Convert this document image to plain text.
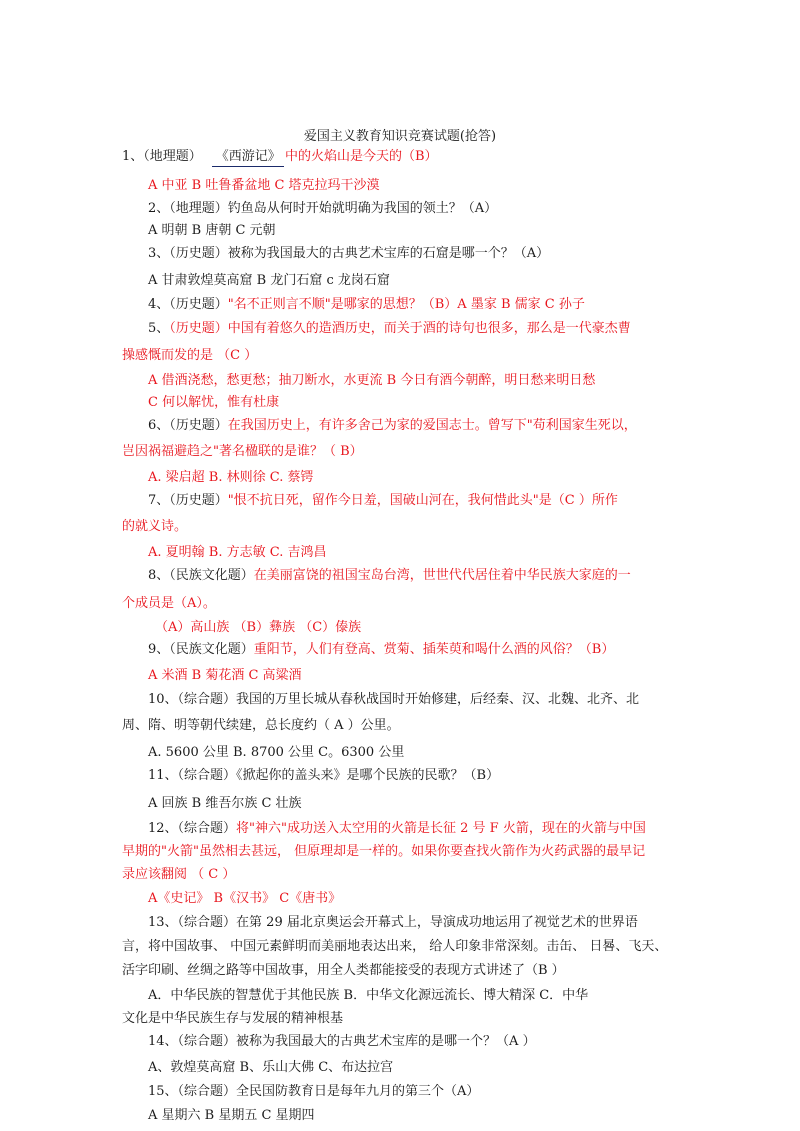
爱国主义教育知识竞赛试题(抢答)
1、（地理题） 《西游记》 中的火焰山是今天的（B）
A 中亚 B 吐鲁番盆地 C 塔克拉玛干沙漠
2、（地理题）钓鱼岛从何时开始就明确为我国的领土？（A）
A 明朝 B 唐朝 C 元朝
3、（历史题）被称为我国最大的古典艺术宝库的石窟是哪一个？（A）
A 甘肃敦煌莫高窟 B 龙门石窟 c 龙岗石窟
4、（历史题）"名不正则言不顺"是哪家的思想？（B）A 墨家 B 儒家 C 孙子
5、（历史题）中国有着悠久的造酒历史，而关于酒的诗句也很多，那么是一代豪杰曹
操感慨而发的是 （C ）
A 借酒浇愁，愁更愁；抽刀断水，水更流 B 今日有酒今朝醉，明日愁来明日愁
C 何以解忧，惟有杜康
6、（历史题）在我国历史上，有许多舍己为家的爱国志士。曾写下"苟利国家生死以，
岂因祸福避趋之"著名楹联的是谁？（ B）
A. 梁启超 B. 林则徐 C. 蔡锷
7、（历史题）"恨不抗日死，留作今日羞，国破山河在，我何惜此头"是（C ）所作
的就义诗。
A. 夏明翰 B. 方志敏 C. 吉鸿昌
8、（民族文化题）在美丽富饶的祖国宝岛台湾，世世代代居住着中华民族大家庭的一
个成员是（A）。
（A）高山族 （B）彝族 （C）傣族
9、（民族文化题）重阳节，人们有登高、赏菊、插茱萸和喝什么酒的风俗？（B）
A 米酒 B 菊花酒 C 高粱酒
10、（综合题）我国的万里长城从春秋战国时开始修建，后经秦、汉、北魏、北齐、北
周、隋、明等朝代续建，总长度约（ A ）公里。
A. 5600 公里 B. 8700 公里 C。6300 公里
11、（综合题）《掀起你的盖头来》是哪个民族的民歌？（B）
A 回族 B 维吾尔族 C 壮族
12、（综合题）将"神六"成功送入太空用的火箭是长征 2 号 F 火箭，现在的火箭与中国
早期的"火箭"虽然相去甚远， 但原理却是一样的。如果你要查找火箭作为火药武器的最早记
录应该翻阅 （ C ）
A《史记》 B《汉书》 C《唐书》
13、（综合题）在第 29 届北京奥运会开幕式上，导演成功地运用了视觉艺术的世界语
言，将中国故事、 中国元素鲜明而美丽地表达出来， 给人印象非常深刻。击缶、 日晷、飞天、
活字印刷、丝绸之路等中国故事，用全人类都能接受的表现方式讲述了（B ）
A．中华民族的智慧优于其他民族 B．中华文化源远流长、博大精深 C．中华
文化是中华民族生存与发展的精神根基
14、（综合题）被称为我国最大的古典艺术宝库的是哪一个？（A ）
A、敦煌莫高窟 B、乐山大佛 C、布达拉宫
15、（综合题）全民国防教育日是每年九月的第三个（A）
A 星期六 B 星期五 C 星期四
